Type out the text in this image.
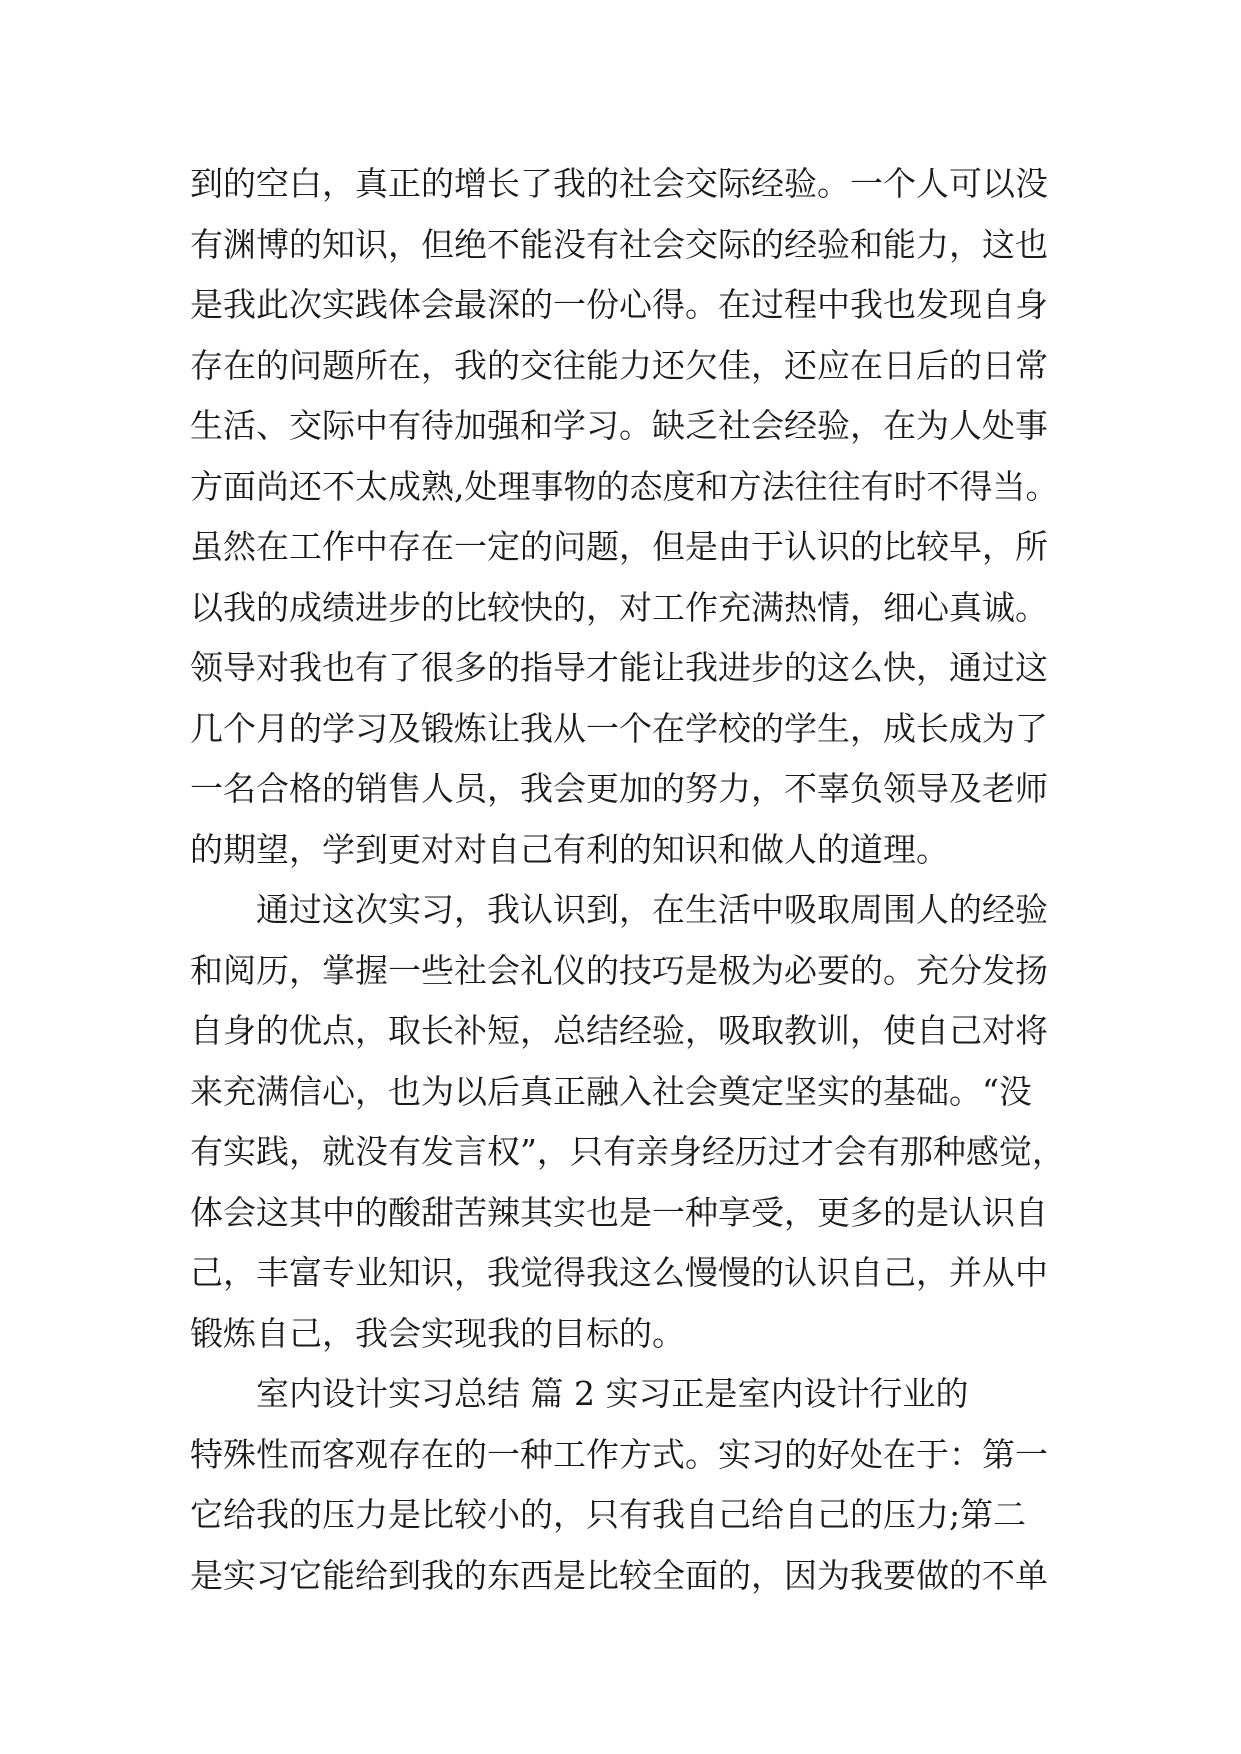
到的空白，真正的增长了我的社会交际经验。一个人可以没
有渊博的知识，但绝不能没有社会交际的经验和能力，这也
是我此次实践体会最深的一份心得。在过程中我也发现自身
存在的问题所在，我的交往能力还欠佳，还应在日后的日常
生活、交际中有待加强和学习。缺乏社会经验，在为人处事
方面尚还不太成熟,处理事物的态度和方法往往有时不得当。
虽然在工作中存在一定的问题，但是由于认识的比较早，所
以我的成绩进步的比较快的，对工作充满热情，细心真诚。
领导对我也有了很多的指导才能让我进步的这么快，通过这
几个月的学习及锻炼让我从一个在学校的学生，成长成为了
一名合格的销售人员，我会更加的努力，不辜负领导及老师
的期望，学到更对对自己有利的知识和做人的道理。
通过这次实习，我认识到，在生活中吸取周围人的经验
和阅历，掌握一些社会礼仪的技巧是极为必要的。充分发扬
自身的优点，取长补短，总结经验，吸取教训，使自己对将
来充满信心，也为以后真正融入社会奠定坚实的基础。“没
有实践，就没有发言权”，只有亲身经历过才会有那种感觉，
体会这其中的酸甜苦辣其实也是一种享受，更多的是认识自
己，丰富专业知识，我觉得我这么慢慢的认识自己，并从中
锻炼自己，我会实现我的目标的。
室内设计实习总结 篇 2 实习正是室内设计行业的
特殊性而客观存在的一种工作方式。实习的好处在于：第一
它给我的压力是比较小的，只有我自己给自己的压力;第二
是实习它能给到我的东西是比较全面的，因为我要做的不单
